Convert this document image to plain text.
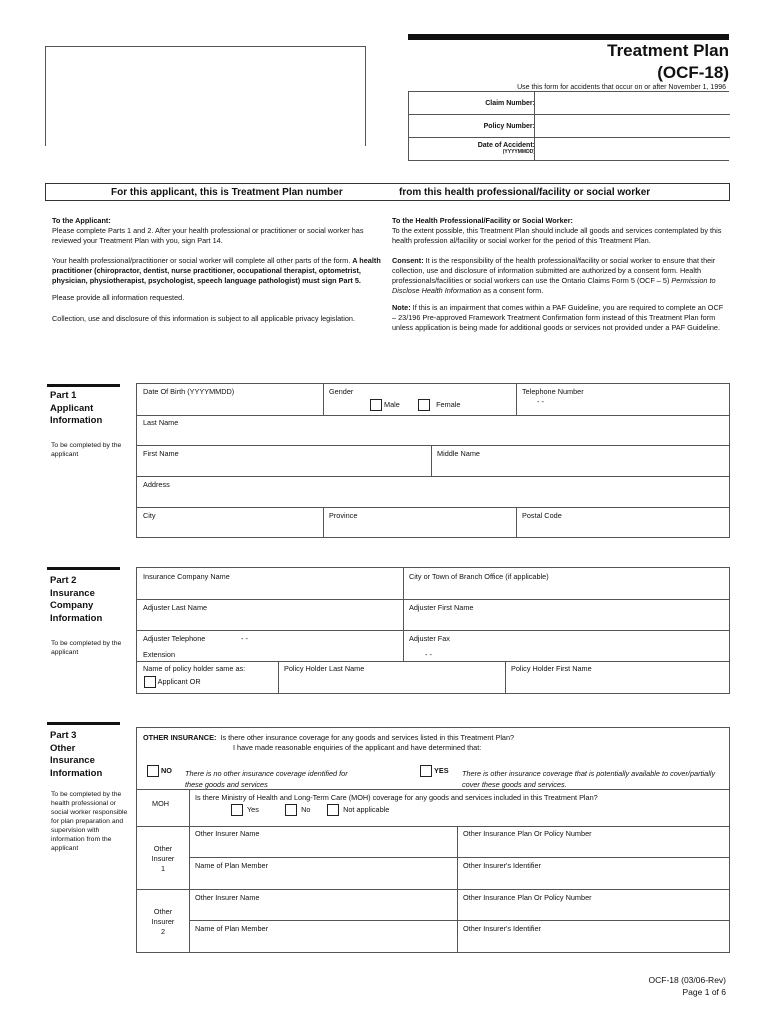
Treatment Plan
(OCF-18)
Use this form for accidents that occur on or after November 1, 1996
Claim Number:
Policy Number:
Date of Accident:
(YYYYMMDD)
For this applicant, this is Treatment Plan number	from this health professional/facility or social worker
To the Applicant:
Please complete Parts 1 and 2. After your health professional or practitioner or social worker has reviewed your Treatment Plan with you, sign Part 14.
Your health professional/practitioner or social worker will complete all other parts of the form. A health practitioner (chiropractor, dentist, nurse practitioner, occupational therapist, optometrist, physician, physiotherapist, psychologist, speech language pathologist) must sign Part 5.
Please provide all information requested.
Collection, use and disclosure of this information is subject to all applicable privacy legislation.
To the Health Professional/Facility or Social Worker:
To the extent possible, this Treatment Plan should include all goods and services contemplated by this health profession al/facility or social worker for the period of this Treatment Plan.
Consent: It is the responsibility of the health professional/facility or social worker to ensure that their collection, use and disclosure of information submitted are authorized by a consent form. Health professionals/facilities or social workers can use the Ontario Claims Form 5 (OCF – 5) Permission to Disclose Health Information as a consent form.
Note: If this is an impairment that comes within a PAF Guideline, you are required to complete an OCF – 23/196 Pre-approved Framework Treatment Confirmation form instead of this Treatment Plan form unless application is being made for additional goods or services not provided under a PAF Guideline.
Part 1
Applicant
Information
To be completed by the applicant
Date Of Birth (YYYYMMDD)	Gender
Male	Female
Telephone Number
- -
Last Name
First Name	Middle Name
Address
City	Province	Postal Code
Part 2
Insurance
Company
Information
To be completed by the applicant
Insurance Company Name	City or Town of Branch Office (if applicable)
Adjuster Last Name	Adjuster First Name
Adjuster Telephone	- -
Extension
Adjuster Fax
- -
Name of policy holder same as:
Applicant OR
Policy Holder Last Name	Policy Holder First Name
Part 3
Other
Insurance
Information
To be completed by the health professional or social worker responsible for plan preparation and supervision with information from the applicant
OTHER INSURANCE: Is there other insurance coverage for any goods and services listed in this Treatment Plan?
I have made reasonable enquiries of the applicant and have determined that:
NO There is no other insurance coverage identified for these goods and services
YES There is other insurance coverage that is potentially available to cover/partially cover these goods and services.
MOH
Is there Ministry of Health and Long-Term Care (MOH) coverage for any goods and services included in this Treatment Plan?
Yes	No	Not applicable
Other
Insurer
1
Other Insurer Name	Other Insurance Plan Or Policy Number
Name of Plan Member	Other Insurer's Identifier
Other
Insurer
2
Other Insurer Name	Other Insurance Plan Or Policy Number
Name of Plan Member	Other Insurer's Identifier
OCF-18 (03/06-Rev)
Page 1 of 6
